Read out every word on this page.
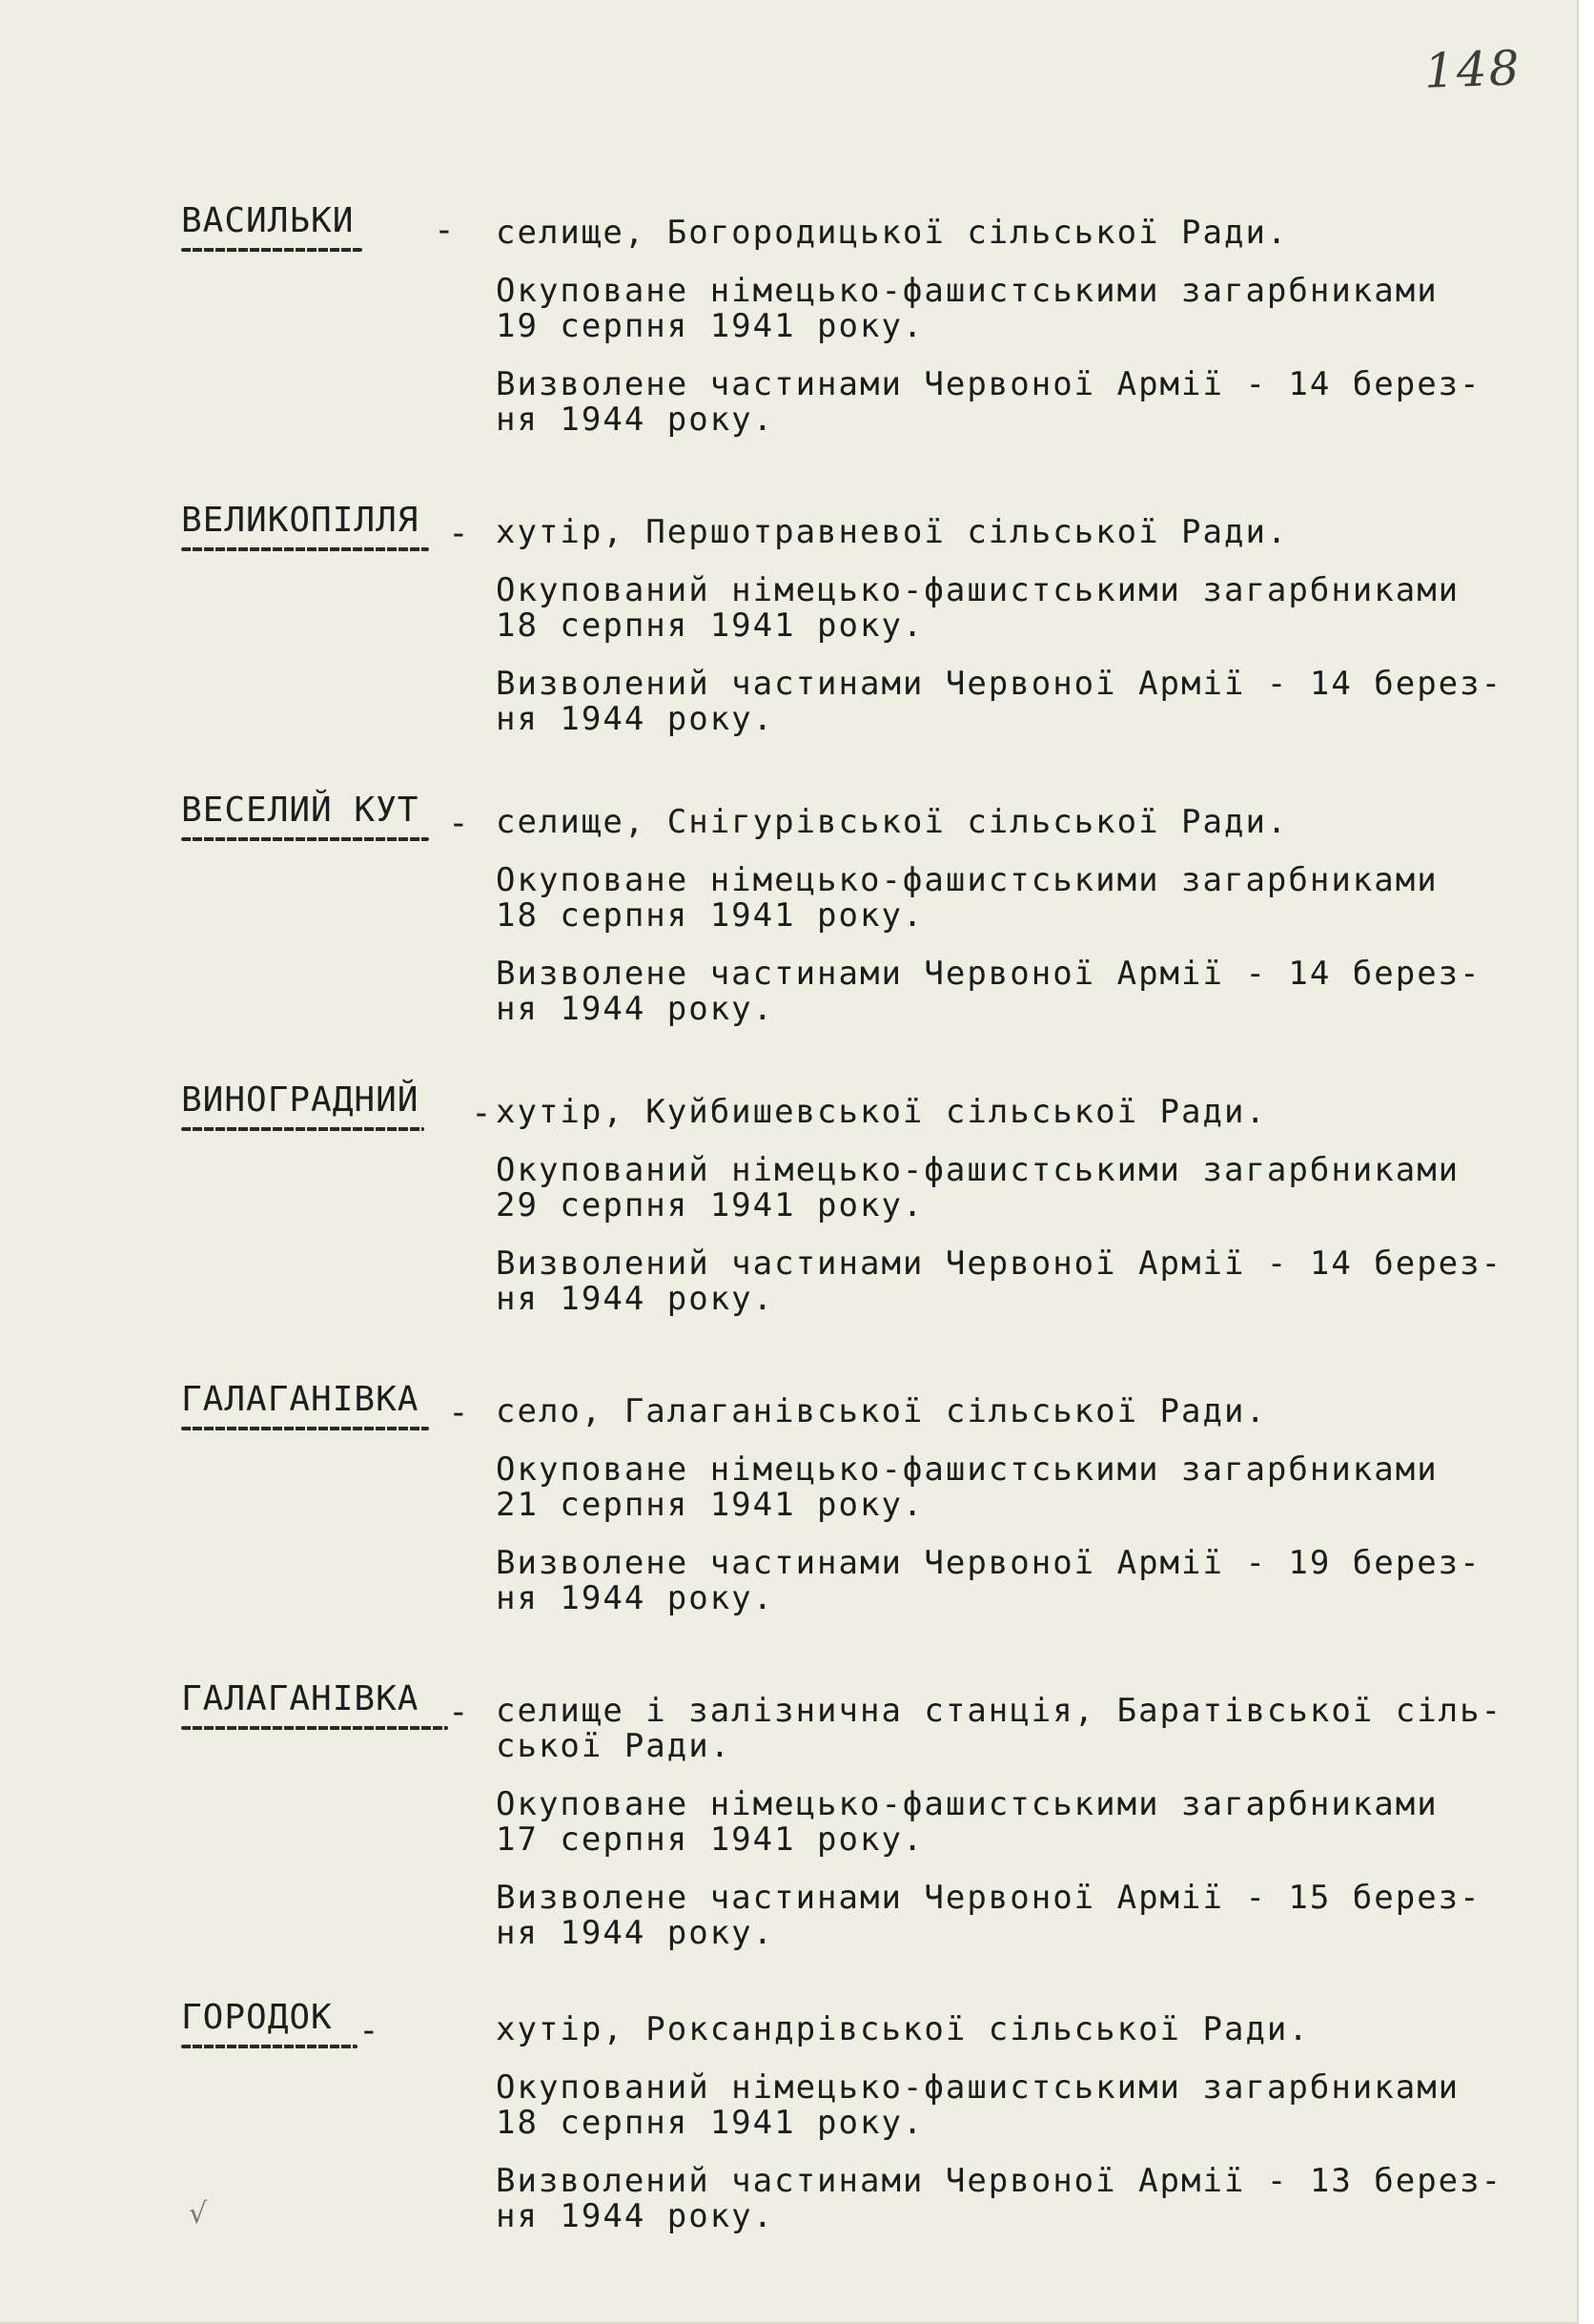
148
ВАСИЛЬКИ - селище, Богородицької сільської Ради.

Окуповане німецько-фашистськими загарбниками

19 серпня 1941 року.

Визволене частинами Червоної Армії - 14 берез-

ня 1944 року.

ВЕЛИКОПІЛЛЯ - хутір, Першотравневої сільської Ради.

Окупований німецько-фашистськими загарбниками

18 серпня 1941 року.

Визволений частинами Червоної Армії - 14 берез-

ня 1944 року.

ВЕСЕЛИЙ КУТ - селище, Снігурівської сільської Ради.

Окуповане німецько-фашистськими загарбниками

18 серпня 1941 року.

Визволене частинами Червоної Армії - 14 берез-

ня 1944 року.

ВИНОГРАДНИЙ - хутір, Куйбишевської сільської Ради.

Окупований німецько-фашистськими загарбниками

29 серпня 1941 року.

Визволений частинами Червоної Армії - 14 берез-

ня 1944 року.

ГАЛАГАНІВКА - село, Галаганівської сільської Ради.

Окуповане німецько-фашистськими загарбниками

21 серпня 1941 року.

Визволене частинами Червоної Армії - 19 берез-

ня 1944 року.

ГАЛАГАНІВКА - селище і залізнична станція, Баратівської сіль-

ської Ради.

Окуповане німецько-фашистськими загарбниками

17 серпня 1941 року.

Визволене частинами Червоної Армії - 15 берез-

ня 1944 року.

ГОРОДОК -	хутір, Роксандрівської сільської Ради.

Окупований німецько-фашистськими загарбниками

18 серпня 1941 року.

Визволений частинами Червоної Армії - 13 берез-

ня 1944 року.

√
